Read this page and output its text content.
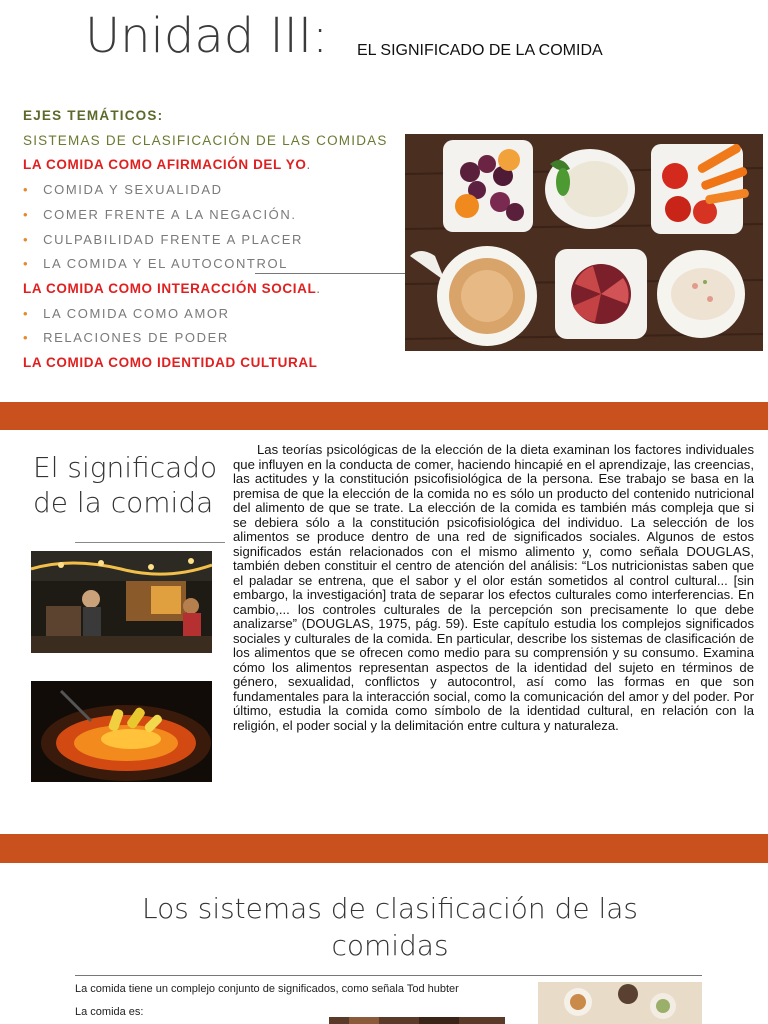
Unidad III: EL SIGNIFICADO DE LA COMIDA
EJES TEMÁTICOS:
SISTEMAS DE CLASIFICACIÓN DE LAS COMIDAS
LA COMIDA COMO AFIRMACIÓN DEL YO.
• COMIDA Y SEXUALIDAD
• COMER FRENTE A LA NEGACIÓN.
• CULPABILIDAD FRENTE A PLACER
• LA COMIDA Y EL AUTOCONTROL
LA COMIDA COMO INTERACCIÓN SOCIAL.
• LA COMIDA COMO AMOR
• RELACIONES DE PODER
LA COMIDA COMO IDENTIDAD CULTURAL
El significado
de la comida

Las teorías psicológicas de la elección de la dieta examinan los factores individuales que influyen en la conducta de comer, haciendo hincapié en el aprendizaje, las creencias, las actitudes y la constitución psicofisiológica de la persona. Ese trabajo se basa en la premisa de que la elección de la comida no es sólo un producto del contenido nutricional del alimento de que se trate. La elección de la comida es también más compleja que si se debiera sólo a la constitución psicofisiológica del individuo. La selección de los alimentos se produce dentro de una red de significados sociales. Algunos de estos significados están relacionados con el mismo alimento y, como señala DOUGLAS, también deben constituir el centro de atención del análisis: “Los nutricionistas saben que el paladar se entrena, que el sabor y el olor están sometidos al control cultural... [sin embargo, la investigación] trata de separar los efectos culturales como interferencias. En cambio,... los controles culturales de la percepción son precisamente lo que debe analizarse” (DOUGLAS, 1975, pág. 59). Este capítulo estudia los complejos significados sociales y culturales de la comida. En particular, describe los sistemas de clasificación de los alimentos que se ofrecen como medio para su comprensión y su consumo. Examina cómo los alimentos representan aspectos de la identidad del sujeto en términos de género, sexualidad, conflictos y autocontrol, así como las formas en que son fundamentales para la interacción social, como la comunicación del amor y del poder. Por último, estudia la comida como símbolo de la identidad cultural, en relación con la religión, el poder social y la delimitación entre cultura y naturaleza.

Los sistemas de clasificación de las comidas
La comida tiene un complejo conjunto de significados, como señala Tod hubter
La comida es:
